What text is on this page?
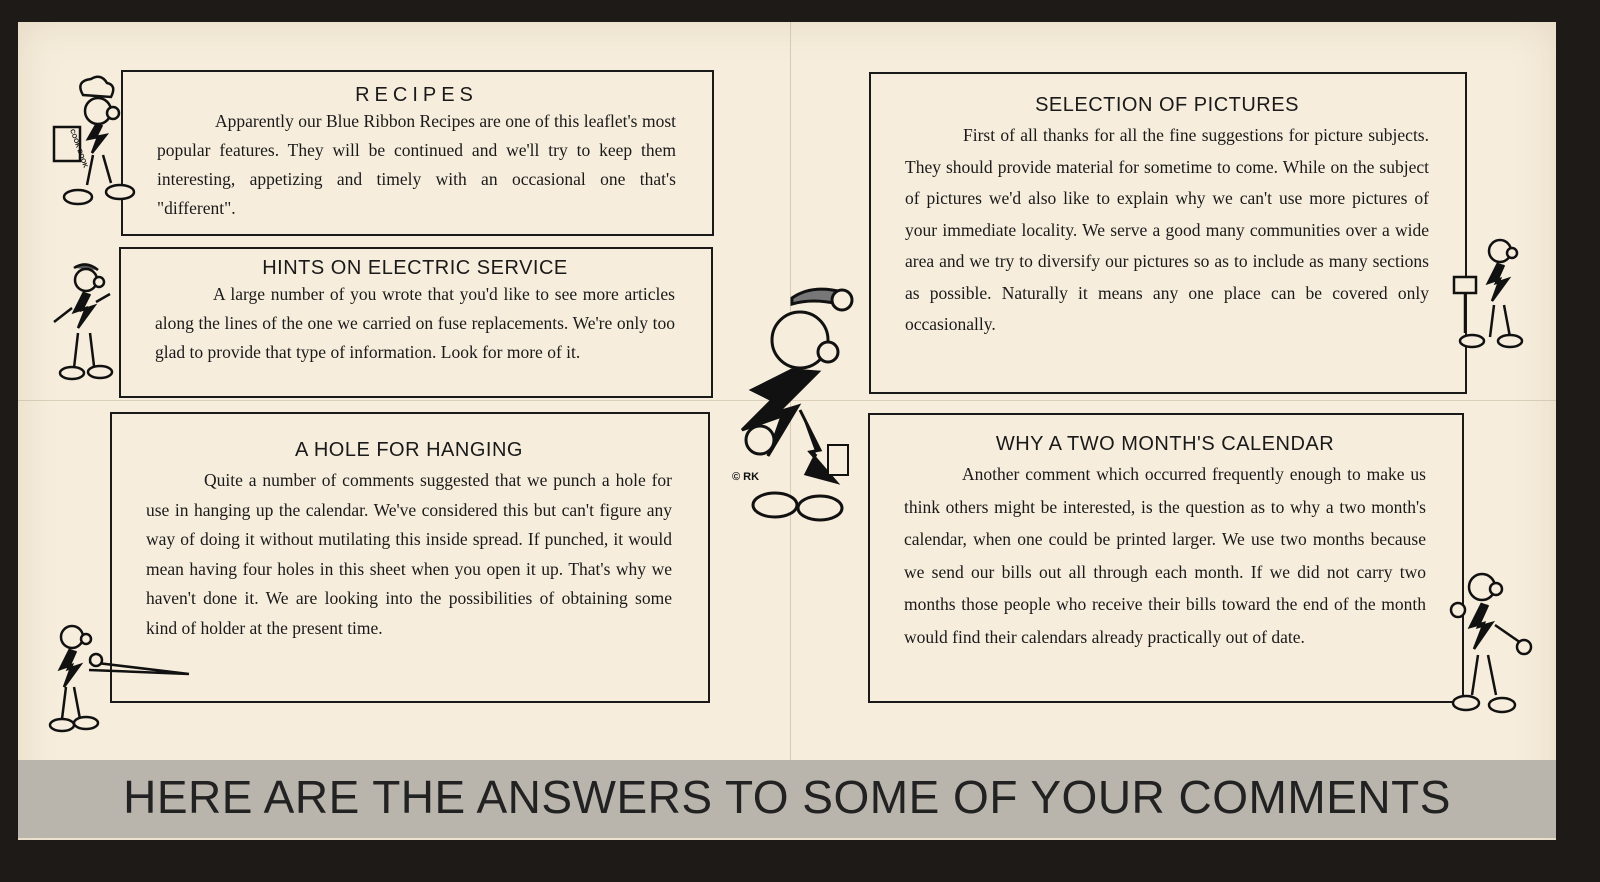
RECIPES

Apparently our Blue Ribbon Recipes are one of this leaflet's most popular features. They will be continued and we'll try to keep them interesting, appetizing and timely with an occasional one that's "different".

HINTS ON ELECTRIC SERVICE

A large number of you wrote that you'd like to see more articles along the lines of the one we carried on fuse replacements. We're only too glad to provide that type of information. Look for more of it.

A HOLE FOR HANGING

Quite a number of comments suggested that we punch a hole for use in hanging up the calendar. We've considered this but can't figure any way of doing it without mutilating this inside spread. If punched, it would mean having four holes in this sheet when you open it up. That's why we haven't done it. We are looking into the possibilities of obtaining some kind of holder at the present time.

SELECTION OF PICTURES

First of all thanks for all the fine suggestions for picture subjects. They should provide material for sometime to come. While on the subject of pictures we'd also like to explain why we can't use more pictures of your immediate locality. We serve a good many communities over a wide area and we try to diversify our pictures so as to include as many sections as possible. Naturally it means any one place can be covered only occasionally.

WHY A TWO MONTH'S CALENDAR

Another comment which occurred frequently enough to make us think others might be interested, is the question as to why a two month's calendar, when one could be printed larger. We use two months because we send our bills out all through each month. If we did not carry two months those people who receive their bills toward the end of the month would find their calendars already practically out of date.

HERE ARE THE ANSWERS TO SOME OF YOUR COMMENTS
COOK BOOK
© RK
